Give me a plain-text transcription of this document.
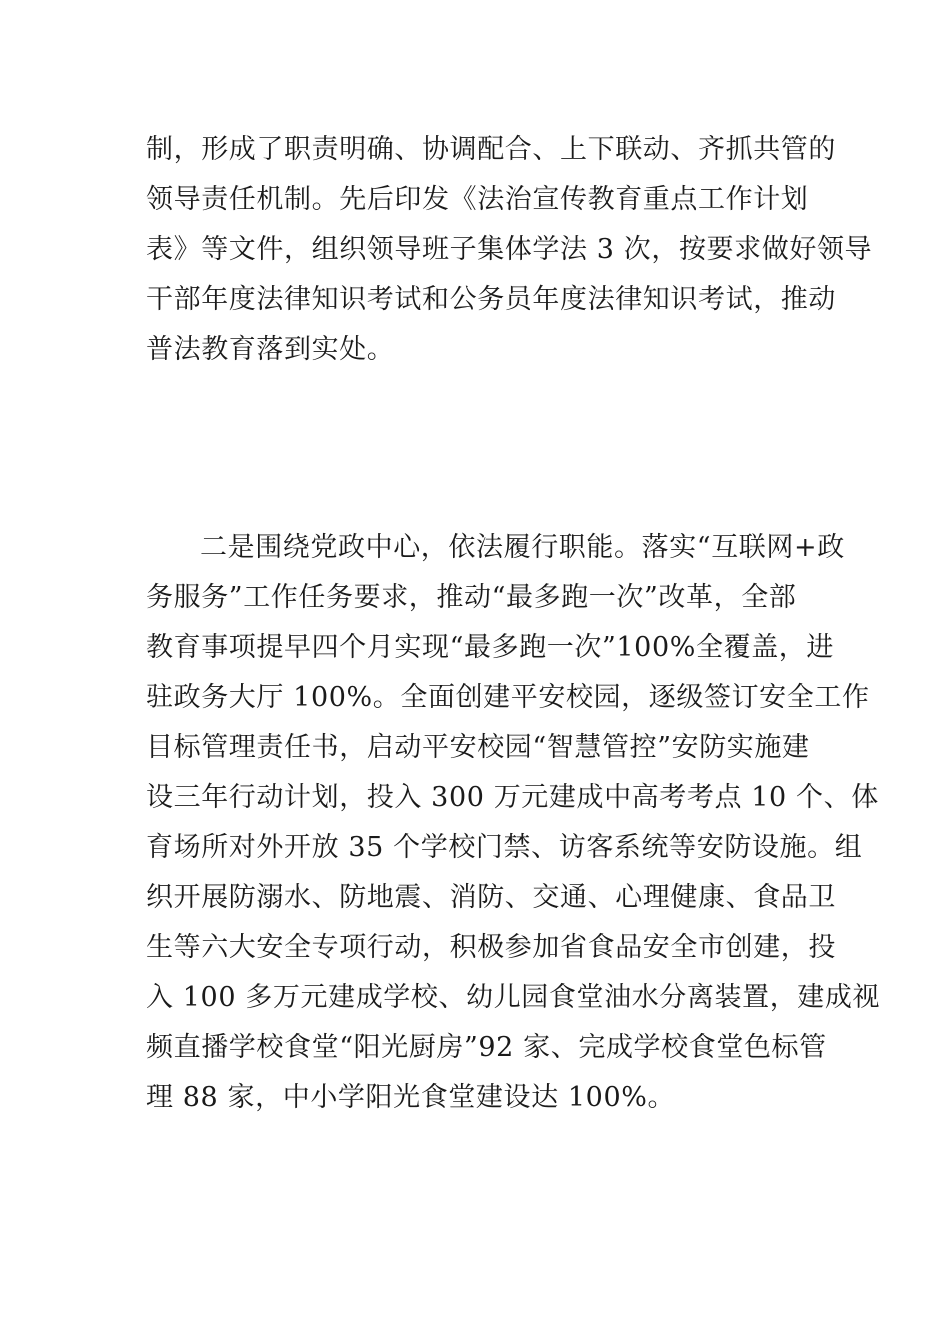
制，形成了职责明确、协调配合、上下联动、齐抓共管的
领导责任机制。先后印发《法治宣传教育重点工作计划
表》等文件，组织领导班子集体学法 3 次，按要求做好领导
干部年度法律知识考试和公务员年度法律知识考试，推动
普法教育落到实处。
二是围绕党政中心，依法履行职能。落实“互联网+政
务服务”工作任务要求，推动“最多跑一次”改革，全部
教育事项提早四个月实现“最多跑一次”100%全覆盖，进
驻政务大厅 100%。全面创建平安校园，逐级签订安全工作
目标管理责任书，启动平安校园“智慧管控”安防实施建
设三年行动计划，投入 300 万元建成中高考考点 10 个、体
育场所对外开放 35 个学校门禁、访客系统等安防设施。组
织开展防溺水、防地震、消防、交通、心理健康、食品卫
生等六大安全专项行动，积极参加省食品安全市创建，投
入 100 多万元建成学校、幼儿园食堂油水分离装置，建成视
频直播学校食堂“阳光厨房”92 家、完成学校食堂色标管
理 88 家，中小学阳光食堂建设达 100%。
